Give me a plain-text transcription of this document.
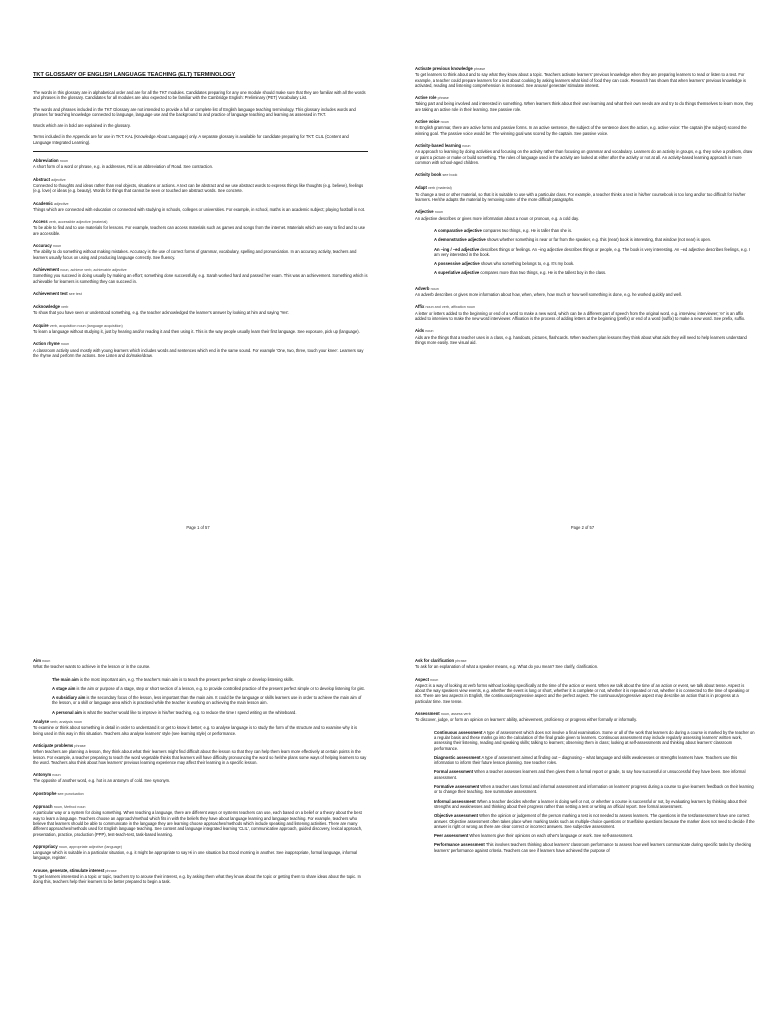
TKT GLOSSARY OF ENGLISH LANGUAGE TEACHING (ELT) TERMINOLOGY

The words in this glossary are in alphabetical order and are for all the TKT modules. Candidates preparing for any one module should make sure that they are familiar with all the words and phrases in the glossary. Candidates for all modules are also expected to be familiar with the Cambridge English: Preliminary (PET) Vocabulary List.

The words and phrases included in the TKT Glossary are not intended to provide a full or complete list of English language teaching terminology. This glossary includes words and phrases for teaching knowledge connected to language, language use and the background to and practice of language teaching and learning as assessed in TKT.

Words which are in bold are explained in the glossary.

Terms included in the Appendix are for use in TKT: KAL (Knowledge About Language) only. A separate glossary is available for candidate preparing for TKT: CLIL (Content and Language Integrated Learning).

Abbreviation noun
A short form of a word or phrase, e.g. in addresses, Rd is an abbreviation of Road. See contraction.
Abstract adjective
Connected to thoughts and ideas rather than real objects, situations or actions. A text can be abstract and we use abstract words to express things like thoughts (e.g. believe), feelings (e.g. love) or ideas (e.g. beauty). Words for things that cannot be seen or touched are abstract words. See concrete.
Academic adjective
Things which are connected with education or connected with studying in schools, colleges or universities. For example, in school, maths is an academic subject; playing football is not.
Access verb, accessible adjective (material)
To be able to find and to use materials for lessons. For example, teachers can access materials such as games and songs from the internet. Materials which are easy to find and to use are accessible.
Accuracy noun
The ability to do something without making mistakes. Accuracy is the use of correct forms of grammar, vocabulary, spelling and pronunciation. In an accuracy activity, teachers and learners usually focus on using and producing language correctly. See fluency.
Achievement noun, achieve verb, achievable adjective
Something you succeed in doing usually by making an effort; something done successfully, e.g. Sarah worked hard and passed her exam. This was an achievement. Something which is achievable for learners is something they can succeed in.
Achievement test see test
Acknowledge verb
To show that you have seen or understood something, e.g. the teacher acknowledged the learner's answer by looking at him and saying 'Yes'.
Acquire verb, acquisition noun (language acquisition)
To learn a language without studying it, just by hearing and/or reading it and then using it. This is the way people usually learn their first language. See exposure, pick up (language).
Action rhyme noun
A classroom activity used mostly with young learners which includes words and sentences which end in the same sound. For example 'One, two, three, touch your knee'. Learners say the rhyme and perform the actions. See Listen and do/make/draw.
Page 1 of 57
Activate previous knowledge phrase
To get learners to think about and to say what they know about a topic. Teachers activate learners' previous knowledge when they are preparing learners to read or listen to a text. For example, a teacher could prepare learners for a text about cooking by asking learners what kind of food they can cook. Research has shown that when learners' previous knowledge is activated, reading and listening comprehension is increased. See arouse/ generate/ stimulate interest.
Active role phrase
Taking part and being involved and interested in something. When learners think about their own learning and what their own needs are and try to do things themselves to learn more, they are taking an active role in their learning. See passive role.
Active voice noun
In English grammar, there are active forms and passive forms. In an active sentence, the subject of the sentence does the action, e.g. active voice: The captain (the subject) scored the winning goal. The passive voice would be: The winning goal was scored by the captain. See passive voice.
Activity-based learning noun
An approach to learning by doing activities and focusing on the activity rather than focusing on grammar and vocabulary. Learners do an activity in groups, e.g. they solve a problem, draw or paint a picture or make or build something. The rules of language used in the activity are looked at either after the activity or not at all. An activity-based learning approach is more common with school-aged children.
Activity book see book
Adapt verb (material)
To change a text or other material, so that it is suitable to use with a particular class. For example, a teacher thinks a text in his/her coursebook is too long and/or too difficult for his/her learners. He/she adapts the material by removing some of the more difficult paragraphs.
Adjective noun
An adjective describes or gives more information about a noun or pronoun, e.g. a cold day.
A comparative adjective compares two things, e.g. He is taller than she is.
A demonstrative adjective shows whether something is near or far from the speaker, e.g. this (near) book is interesting, that window (not near) is open.
An –ing / –ed adjective describes things or feelings. An –ing adjective describes things or people, e.g. The book is very interesting. An –ed adjective describes feelings, e.g. I am very interested in the book.
A possessive adjective shows who something belongs to, e.g. It's my book.
A superlative adjective compares more than two things, e.g. He is the tallest boy in the class.
Adverb noun
An adverb describes or gives more information about how, when, where, how much or how well something is done, e.g. he worked quickly and well.
Affix noun and verb, affixation noun
A letter or letters added to the beginning or end of a word to make a new word, which can be a different part of speech from the original word, e.g. interview, interviewer; 'er' is an affix added to interview to make the new word interviewer. Affixation is the process of adding letters at the beginning (prefix) or end of a word (suffix) to make a new word. See prefix, suffix.
Aids noun
Aids are the things that a teacher uses in a class, e.g. handouts, pictures, flashcards. When teachers plan lessons they think about what aids they will need to help learners understand things more easily. See visual aid.
Page 2 of 57
Aim noun
What the teacher wants to achieve in the lesson or in the course.
The main aim is the most important aim, e.g. The teacher's main aim is to teach the present perfect simple or develop listening skills.
A stage aim is the aim or purpose of a stage, step or short section of a lesson, e.g. to provide controlled practice of the present perfect simple or to develop listening for gist.
A subsidiary aim is the secondary focus of the lesson, less important than the main aim. It could be the language or skills learners use in order to achieve the main aim of the lesson, or a skill or language area which is practised while the teacher is working on achieving the main lesson aim.
A personal aim is what the teacher would like to improve in his/her teaching, e.g. to reduce the time I spend writing on the whiteboard.
Analyse verb, analysis noun
To examine or think about something in detail in order to understand it or get to know it better; e.g. to analyse language is to study the form of the structure and to examine why it is being used in this way in this situation. Teachers also analyse learners' style (see learning style) or performance.
Anticipate problems phrase
When teachers are planning a lesson, they think about what their learners might find difficult about the lesson so that they can help them learn more effectively at certain points in the lesson. For example, a teacher preparing to teach the word vegetable thinks that learners will have difficulty pronouncing the word so he/she plans some ways of helping learners to say the word. Teachers also think about how learners' previous learning experience may affect their learning in a specific lesson.
Antonym noun
The opposite of another word, e.g. hot is an antonym of cold. See synonym.
Apostrophe see punctuation
Approach noun, Method noun
A particular way or a system for doing something. When teaching a language, there are different ways or systems teachers can use, each based on a belief or a theory about the best way to learn a language. Teachers choose an approach/method which fits in with the beliefs they have about language learning and language teaching. For example, teachers who believe that learners should be able to communicate in the language they are learning choose approaches/methods which include speaking and listening activities. There are many different approaches/methods used for English language teaching. See content and language integrated learning 'CLIL', communicative approach, guided discovery, lexical approach, presentation, practice, production (PPP), test-teach-test, task-based learning.
Appropriacy noun, appropriate adjective (language)
Language which is suitable in a particular situation, e.g. it might be appropriate to say Hi in one situation but Good morning in another. See inappropriate, formal language, informal language, register.
Arouse, generate, stimulate interest phrase
To get learners interested in a topic or topic, teachers try to arouse their interest, e.g. by asking them what they know about the topic or getting them to share ideas about the topic. In doing this, teachers help their learners to be better prepared to begin a task.
Ask for clarification phrase
To ask for an explanation of what a speaker means, e.g. What do you mean? See clarify, clarification.
Aspect noun
Aspect is a way of looking at verb forms without looking specifically at the time of the action or event. When we talk about the time of an action or event, we talk about tense. Aspect is about the way speakers view events, e.g. whether the event is long or short, whether it is complete or not, whether it is repeated or not, whether it is connected to the time of speaking or not. There are two aspects in English, the continuous/progressive aspect and the perfect aspect. The continuous/progressive aspect may describe an action that is in progress at a particular time. See tense.
Assessment noun, assess verb
To discover, judge, or form an opinion on learners' ability, achievement, proficiency or progress either formally or informally.
Continuous assessment A type of assessment which does not involve a final examination. Some or all of the work that learners do during a course is marked by the teacher on a regular basis and these marks go into the calculation of the final grade given to learners. Continuous assessment may include regularly assessing learners' written work, assessing their listening, reading and speaking skills; talking to learners; observing them in class; looking at self-assessments and thinking about learners' classroom performance.
Diagnostic assessment A type of assessment aimed at finding out – diagnosing – what language and skills weaknesses or strengths learners have. Teachers use this information to inform their future lesson planning. See teacher roles.
Formal assessment When a teacher assesses learners and then gives them a formal report or grade, to say how successful or unsuccessful they have been. See informal assessment.
Formative assessment When a teacher uses formal and informal assessment and information on learners' progress during a course to give learners feedback on their learning or to change their teaching. See summative assessment.
Informal assessment When a teacher decides whether a learner is doing well or not, or whether a course is successful or not, by evaluating learners by thinking about their strengths and weaknesses and thinking about their progress rather than setting a test or writing an official report. See formal assessment.
Objective assessment When the opinion or judgement of the person marking a test is not needed to assess learners. The questions in the test/assessment have one correct answer. Objective assessment often takes place when marking tasks such as multiple-choice questions or true/false questions because the marker does not need to decide if the answer is right or wrong as there are clear correct or incorrect answers. See subjective assessment.
Peer assessment When learners give their opinions on each other's language or work. See self-assessment.
Performance assessment This involves teachers thinking about learners' classroom performance to assess how well learners communicate during specific tasks by checking learners' performance against criteria. Teachers can see if learners have achieved the purpose of
